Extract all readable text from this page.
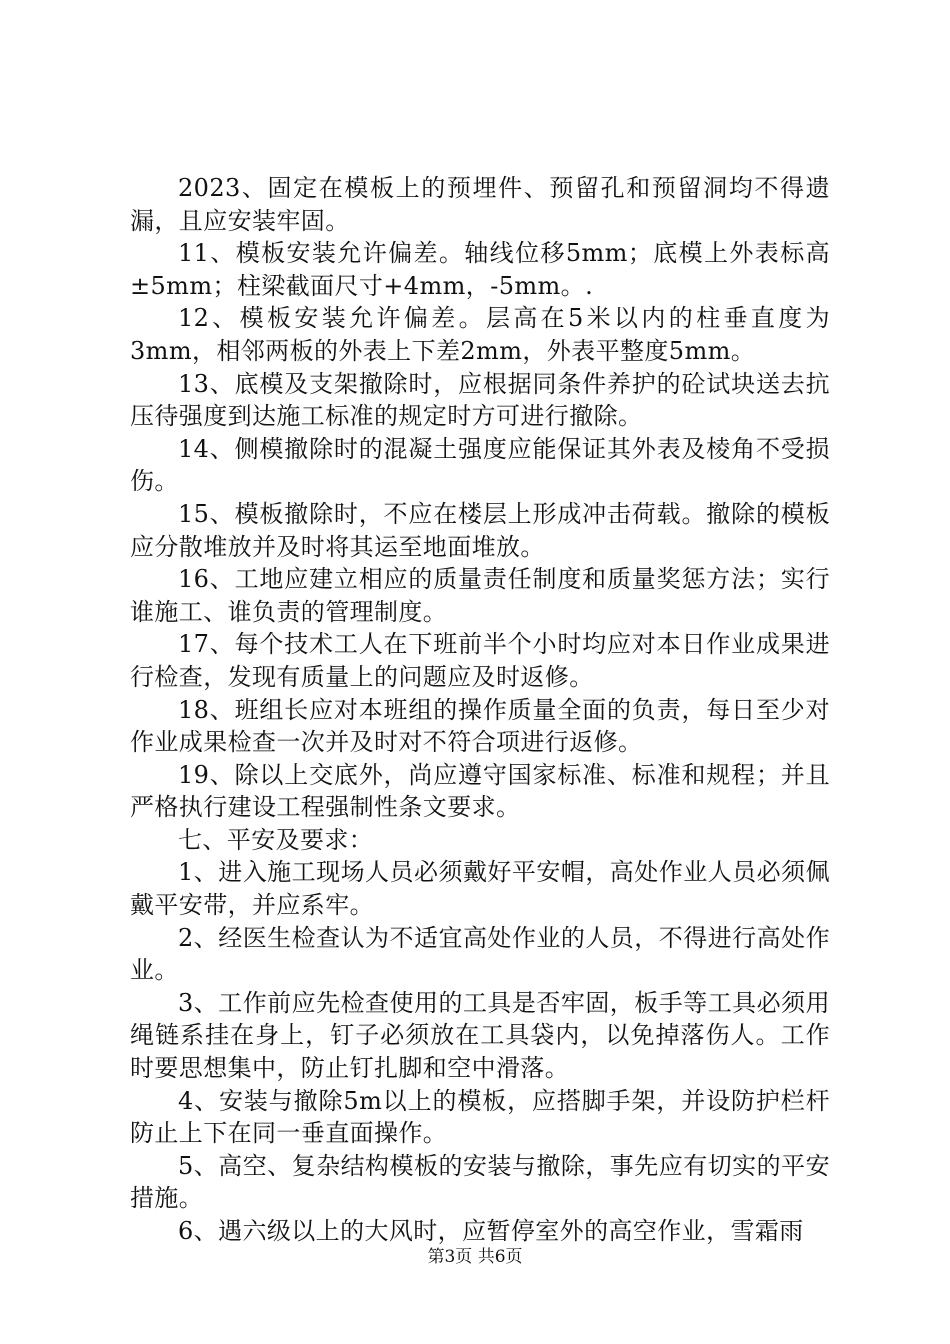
2023、固定在模板上的预埋件、预留孔和预留洞均不得遗漏，且应安装牢固。

11、模板安装允许偏差。轴线位移5mm；底模上外表标高±5mm；柱梁截面尺寸+4mm，-5mm。.

12、模板安装允许偏差。层高在5米以内的柱垂直度为3mm，相邻两板的外表上下差2mm，外表平整度5mm。

13、底模及支架撤除时，应根据同条件养护的砼试块送去抗压待强度到达施工标准的规定时方可进行撤除。

14、侧模撤除时的混凝土强度应能保证其外表及棱角不受损伤。

15、模板撤除时，不应在楼层上形成冲击荷载。撤除的模板应分散堆放并及时将其运至地面堆放。

16、工地应建立相应的质量责任制度和质量奖惩方法；实行谁施工、谁负责的管理制度。

17、每个技术工人在下班前半个小时均应对本日作业成果进行检查，发现有质量上的问题应及时返修。

18、班组长应对本班组的操作质量全面的负责，每日至少对作业成果检查一次并及时对不符合项进行返修。

19、除以上交底外，尚应遵守国家标准、标准和规程；并且严格执行建设工程强制性条文要求。

七、平安及要求：

1、进入施工现场人员必须戴好平安帽，高处作业人员必须佩戴平安带，并应系牢。

2、经医生检查认为不适宜高处作业的人员，不得进行高处作业。

3、工作前应先检查使用的工具是否牢固，板手等工具必须用绳链系挂在身上，钉子必须放在工具袋内，以免掉落伤人。工作时要思想集中，防止钉扎脚和空中滑落。

4、安装与撤除5m以上的模板，应搭脚手架，并设防护栏杆防止上下在同一垂直面操作。

5、高空、复杂结构模板的安装与撤除，事先应有切实的平安措施。

6、遇六级以上的大风时，应暂停室外的高空作业，雪霜雨

第3页 共6页
